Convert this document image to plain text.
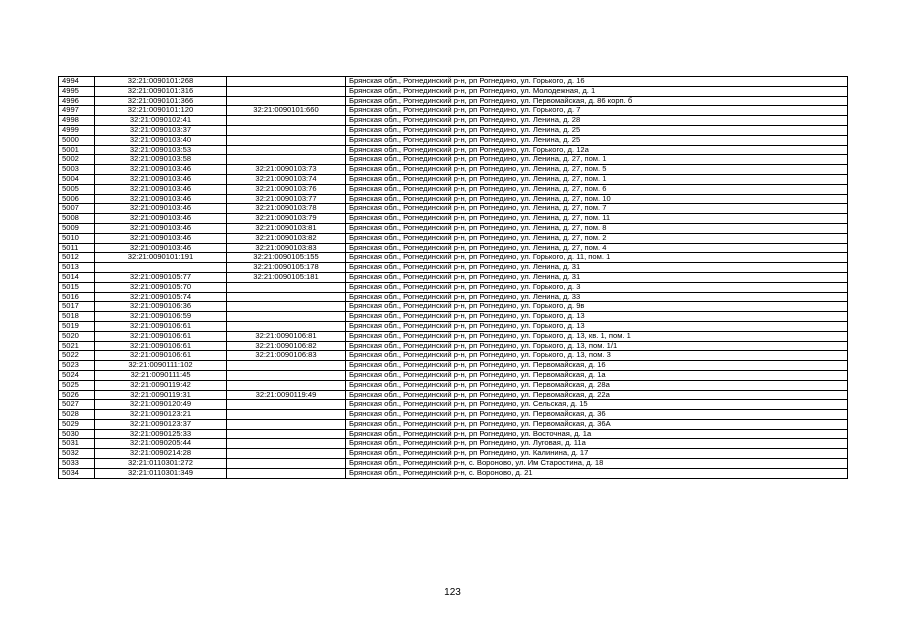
4994	32:21:0090101:268		Брянская обл., Рогнединский р-н, рп Рогнедино, ул. Горького, д. 16
4995	32:21:0090101:316		Брянская обл., Рогнединский р-н, рп Рогнедино, ул. Молодежная, д. 1
4996	32:21:0090101:366		Брянская обл., Рогнединский р-н, рп Рогнедино, ул. Первомайская, д. 86 корп. б
4997	32:21:0090101:120	32:21:0090101:660	Брянская обл., Рогнединский р-н, рп Рогнедино, ул. Горького, д. 7
4998	32:21:0090102:41		Брянская обл., Рогнединский р-н, рп Рогнедино, ул. Ленина, д. 28
4999	32:21:0090103:37		Брянская обл., Рогнединский р-н, рп Рогнедино, ул. Ленина, д. 25
5000	32:21:0090103:40		Брянская обл., Рогнединский р-н, рп Рогнедино, ул. Ленина, д. 25
5001	32:21:0090103:53		Брянская обл., Рогнединский р-н, рп Рогнедино, ул. Горького, д. 12а
5002	32:21:0090103:58		Брянская обл., Рогнединский р-н, рп Рогнедино, ул. Ленина, д. 27, пом. 1
5003	32:21:0090103:46	32:21:0090103:73	Брянская обл., Рогнединский р-н, рп Рогнедино, ул. Ленина, д. 27, пом. 5
5004	32:21:0090103:46	32:21:0090103:74	Брянская обл., Рогнединский р-н, рп Рогнедино, ул. Ленина, д. 27, пом. 1
5005	32:21:0090103:46	32:21:0090103:76	Брянская обл., Рогнединский р-н, рп Рогнедино, ул. Ленина, д. 27, пом. 6
5006	32:21:0090103:46	32:21:0090103:77	Брянская обл., Рогнединский р-н, рп Рогнедино, ул. Ленина, д. 27, пом. 10
5007	32:21:0090103:46	32:21:0090103:78	Брянская обл., Рогнединский р-н, рп Рогнедино, ул. Ленина, д. 27, пом. 7
5008	32:21:0090103:46	32:21:0090103:79	Брянская обл., Рогнединский р-н, рп Рогнедино, ул. Ленина, д. 27, пом. 11
5009	32:21:0090103:46	32:21:0090103:81	Брянская обл., Рогнединский р-н, рп Рогнедино, ул. Ленина, д. 27, пом. 8
5010	32:21:0090103:46	32:21:0090103:82	Брянская обл., Рогнединский р-н, рп Рогнедино, ул. Ленина, д. 27, пом. 2
5011	32:21:0090103:46	32:21:0090103:83	Брянская обл., Рогнединский р-н, рп Рогнедино, ул. Ленина, д. 27, пом. 4
5012	32:21:0090101:191	32:21:0090105:155	Брянская обл., Рогнединский р-н, рп Рогнедино, ул. Горького, д. 11, пом. 1
5013		32:21:0090105:178	Брянская обл., Рогнединский р-н, рп Рогнедино, ул. Ленина, д. 31
5014	32:21:0090105:77	32:21:0090105:181	Брянская обл., Рогнединский р-н, рп Рогнедино, ул. Ленина, д. 31
5015	32:21:0090105:70		Брянская обл., Рогнединский р-н, рп Рогнедино, ул. Горького, д. 3
5016	32:21:0090105:74		Брянская обл., Рогнединский р-н, рп Рогнедино, ул. Ленина, д. 33
5017	32:21:0090106:36		Брянская обл., Рогнединский р-н, рп Рогнедино, ул. Горького, д. 9в
5018	32:21:0090106:59		Брянская обл., Рогнединский р-н, рп Рогнедино, ул. Горького, д. 13
5019	32:21:0090106:61		Брянская обл., Рогнединский р-н, рп Рогнедино, ул. Горького, д. 13
5020	32:21:0090106:61	32:21:0090106:81	Брянская обл., Рогнединский р-н, рп Рогнедино, ул. Горького, д. 13, кв. 1, пом. 1
5021	32:21:0090106:61	32:21:0090106:82	Брянская обл., Рогнединский р-н, рп Рогнедино, ул. Горького, д. 13, пом. 1/1
5022	32:21:0090106:61	32:21:0090106:83	Брянская обл., Рогнединский р-н, рп Рогнедино, ул. Горького, д. 13, пом. 3
5023	32:21:0090111:102		Брянская обл., Рогнединский р-н, рп Рогнедино, ул. Первомайская, д. 16
5024	32:21:0090111:45		Брянская обл., Рогнединский р-н, рп Рогнедино, ул. Первомайская, д. 1а
5025	32:21:0090119:42		Брянская обл., Рогнединский р-н, рп Рогнедино, ул. Первомайская, д. 28а
5026	32:21:0090119:31	32:21:0090119:49	Брянская обл., Рогнединский р-н, рп Рогнедино, ул. Первомайская, д. 22а
5027	32:21:0090120:49		Брянская обл., Рогнединский р-н, рп Рогнедино, ул. Сельская, д. 15
5028	32:21:0090123:21		Брянская обл., Рогнединский р-н, рп Рогнедино, ул. Первомайская, д. 36
5029	32:21:0090123:37		Брянская обл., Рогнединский р-н, рп Рогнедино, ул. Первомайская, д. 36А
5030	32:21:0090125:33		Брянская обл., Рогнединский р-н, рп Рогнедино, ул. Восточная, д. 1а
5031	32:21:0090205:44		Брянская обл., Рогнединский р-н, рп Рогнедино, ул. Луговая, д. 11а
5032	32:21:0090214:28		Брянская обл., Рогнединский р-н, рп Рогнедино, ул. Калинина, д. 17
5033	32:21:0110301:272		Брянская обл., Рогнединский р-н, с. Вороново, ул. Им Старостина, д. 18
5034	32:21:0110301:349		Брянская обл., Рогнединский р-н, с. Вороново, д. 21
123
